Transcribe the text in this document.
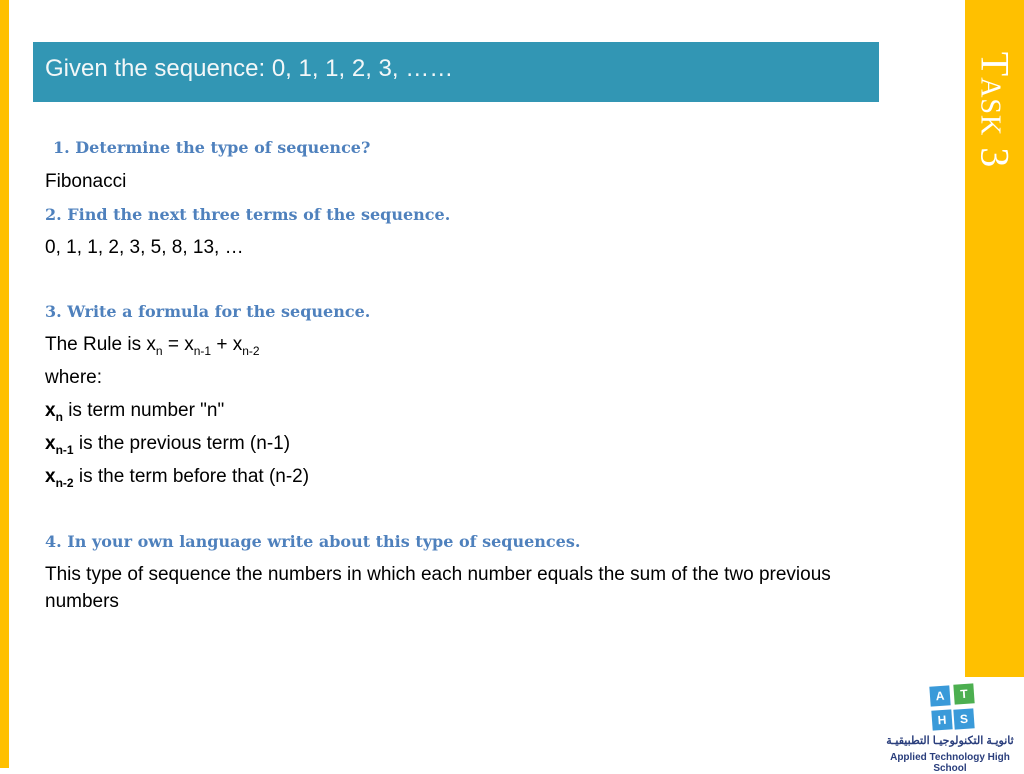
Task 3
Given the sequence: 0, 1, 1, 2, 3, ……
1. Determine the type of sequence?
Fibonacci
2. Find the next three terms of the sequence.
0, 1, 1, 2, 3, 5, 8, 13, …
3. Write a formula for the sequence.
The Rule is $x_n = x_{n-1} + x_{n-2}$
where:
$x_n$ is term number "n"
$x_{n-1}$ is the previous term (n-1)
$x_{n-2}$ is the term before that (n-2)
4. In your own language write about this type of sequences.
This type of sequence the numbers in which each number equals the sum of the two previous numbers
A	T
H	S
ثانويـة التكنولوجيـا التطبيقيـة
Applied Technology High School
